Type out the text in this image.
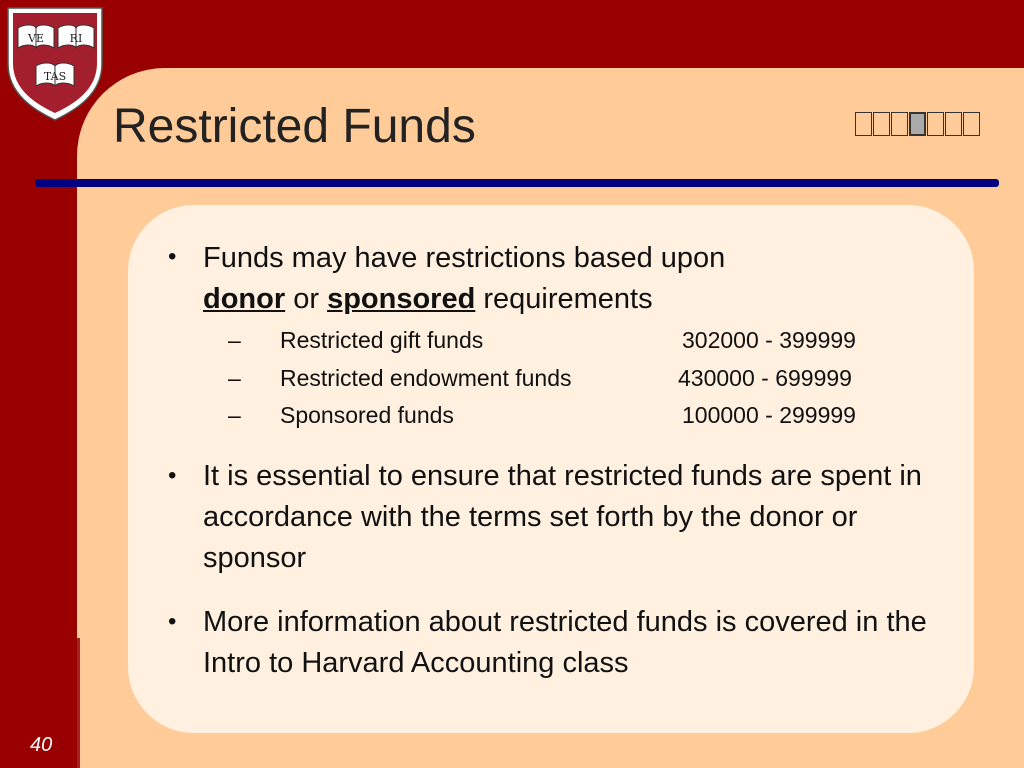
VE RI
TAS
Restricted Funds
• Funds may have restrictions based upon
donor or sponsored requirements
– Restricted gift funds	302000 - 399999
– Restricted endowment funds	430000 - 699999
– Sponsored funds	100000 - 299999
• It is essential to ensure that restricted funds are spent in accordance with the terms set forth by the donor or sponsor
• More information about restricted funds is covered in the Intro to Harvard Accounting class
40
